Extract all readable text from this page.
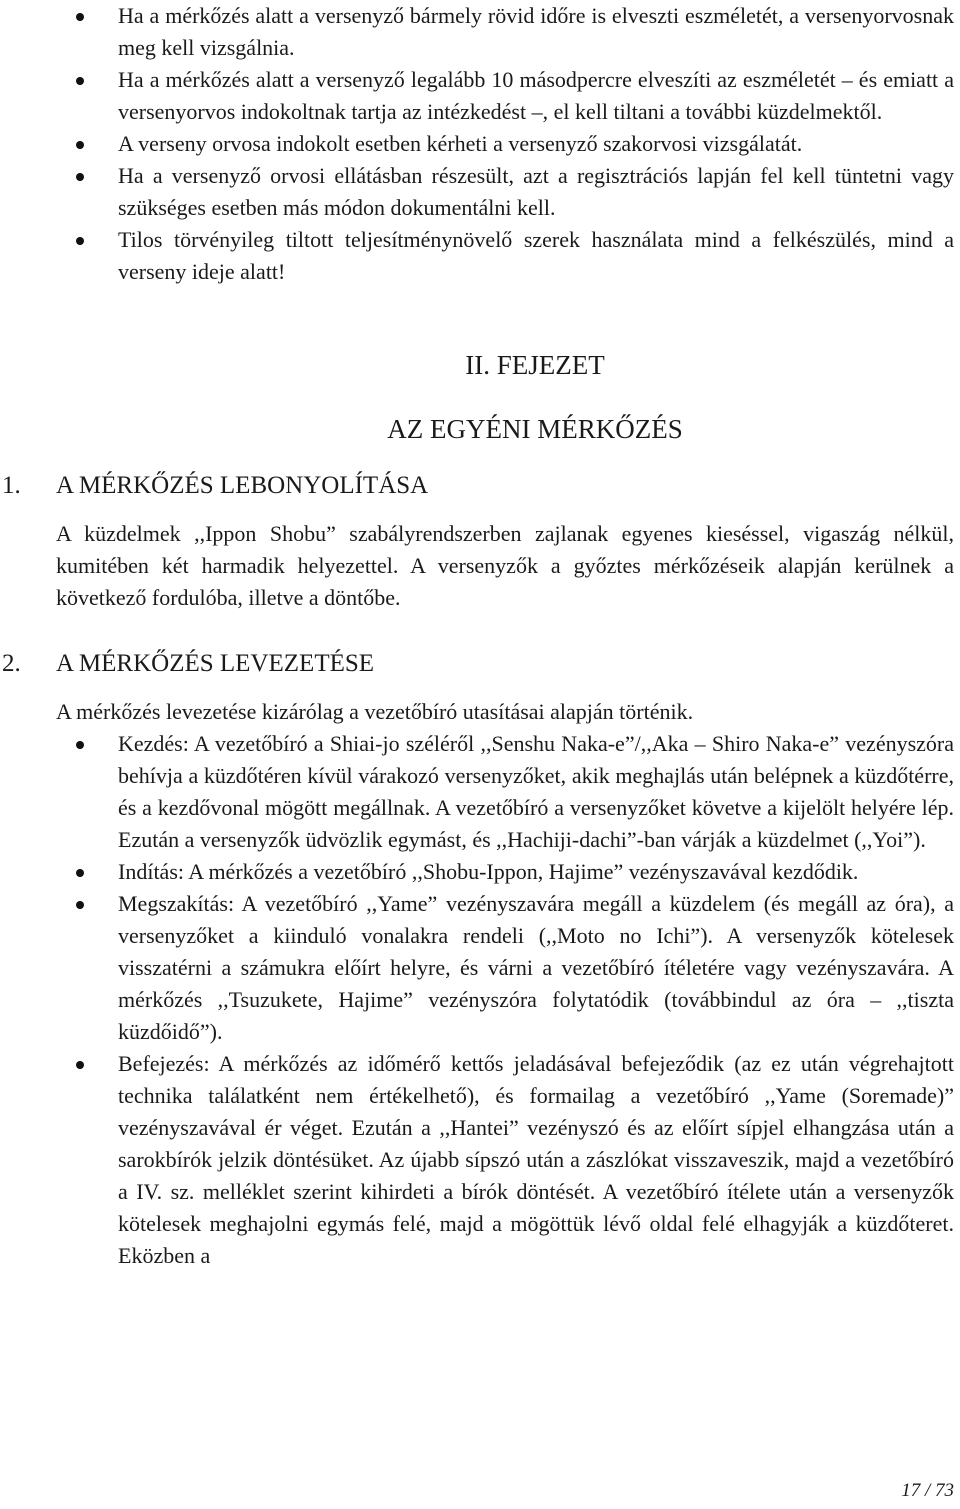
Ha a mérkőzés alatt a versenyző bármely rövid időre is elveszti eszméletét, a versenyorvosnak meg kell vizsgálnia.
Ha a mérkőzés alatt a versenyző legalább 10 másodpercre elveszíti az eszméletét – és emiatt a versenyorvos indokoltnak tartja az intézkedést –, el kell tiltani a további küzdelmektől.
A verseny orvosa indokolt esetben kérheti a versenyző szakorvosi vizsgálatát.
Ha a versenyző orvosi ellátásban részesült, azt a regisztrációs lapján fel kell tüntetni vagy szükséges esetben más módon dokumentálni kell.
Tilos törvényileg tiltott teljesítménynövelő szerek használata mind a felkészülés, mind a verseny ideje alatt!
II. FEJEZET
AZ EGYÉNI MÉRKŐZÉS
1.	A MÉRKŐZÉS LEBONYOLÍTÁSA
A küzdelmek ,,Ippon Shobu” szabályrendszerben zajlanak egyenes kieséssel, vigaszág nélkül, kumitében két harmadik helyezettel. A versenyzők a győztes mérkőzéseik alapján kerülnek a következő fordulóba, illetve a döntőbe.
2.	A MÉRKŐZÉS LEVEZETÉSE
A mérkőzés levezetése kizárólag a vezetőbíró utasításai alapján történik.
Kezdés: A vezetőbíró a Shiai-jo széléről ,,Senshu Naka-e”/,,Aka – Shiro Naka-e” vezényszóra behívja a küzdőtéren kívül várakozó versenyzőket, akik meghajlás után belépnek a küzdőtérre, és a kezdővonal mögött megállnak. A vezetőbíró a versenyzőket követve a kijelölt helyére lép. Ezután a versenyzők üdvözlik egymást, és ,,Hachiji-dachi”-ban várják a küzdelmet (,,Yoi”).
Indítás: A mérkőzés a vezetőbíró ,,Shobu-Ippon, Hajime” vezényszavával kezdődik.
Megszakítás: A vezetőbíró ,,Yame” vezényszavára megáll a küzdelem (és megáll az óra), a versenyzőket a kiinduló vonalakra rendeli (,,Moto no Ichi”). A versenyzők kötelesek visszatérni a számukra előírt helyre, és várni a vezetőbíró ítéletére vagy vezényszavára. A mérkőzés ,,Tsuzukete, Hajime” vezényszóra folytatódik (továbbindul az óra – ,,tiszta küzdőidő”).
Befejezés: A mérkőzés az időmérő kettős jeladásával befejeződik (az ez után végrehajtott technika találatként nem értékelhető), és formailag a vezetőbíró ,,Yame (Soremade)” vezényszavával ér véget. Ezután a ,,Hantei” vezényszó és az előírt sípjel elhangzása után a sarokbírók jelzik döntésüket. Az újabb sípszó után a zászlókat visszaveszik, majd a vezetőbíró a IV. sz. melléklet szerint kihirdeti a bírók döntését. A vezetőbíró ítélete után a versenyzők kötelesek meghajolni egymás felé, majd a mögöttük lévő oldal felé elhagyják a küzdőteret. Eközben a
17 / 73
